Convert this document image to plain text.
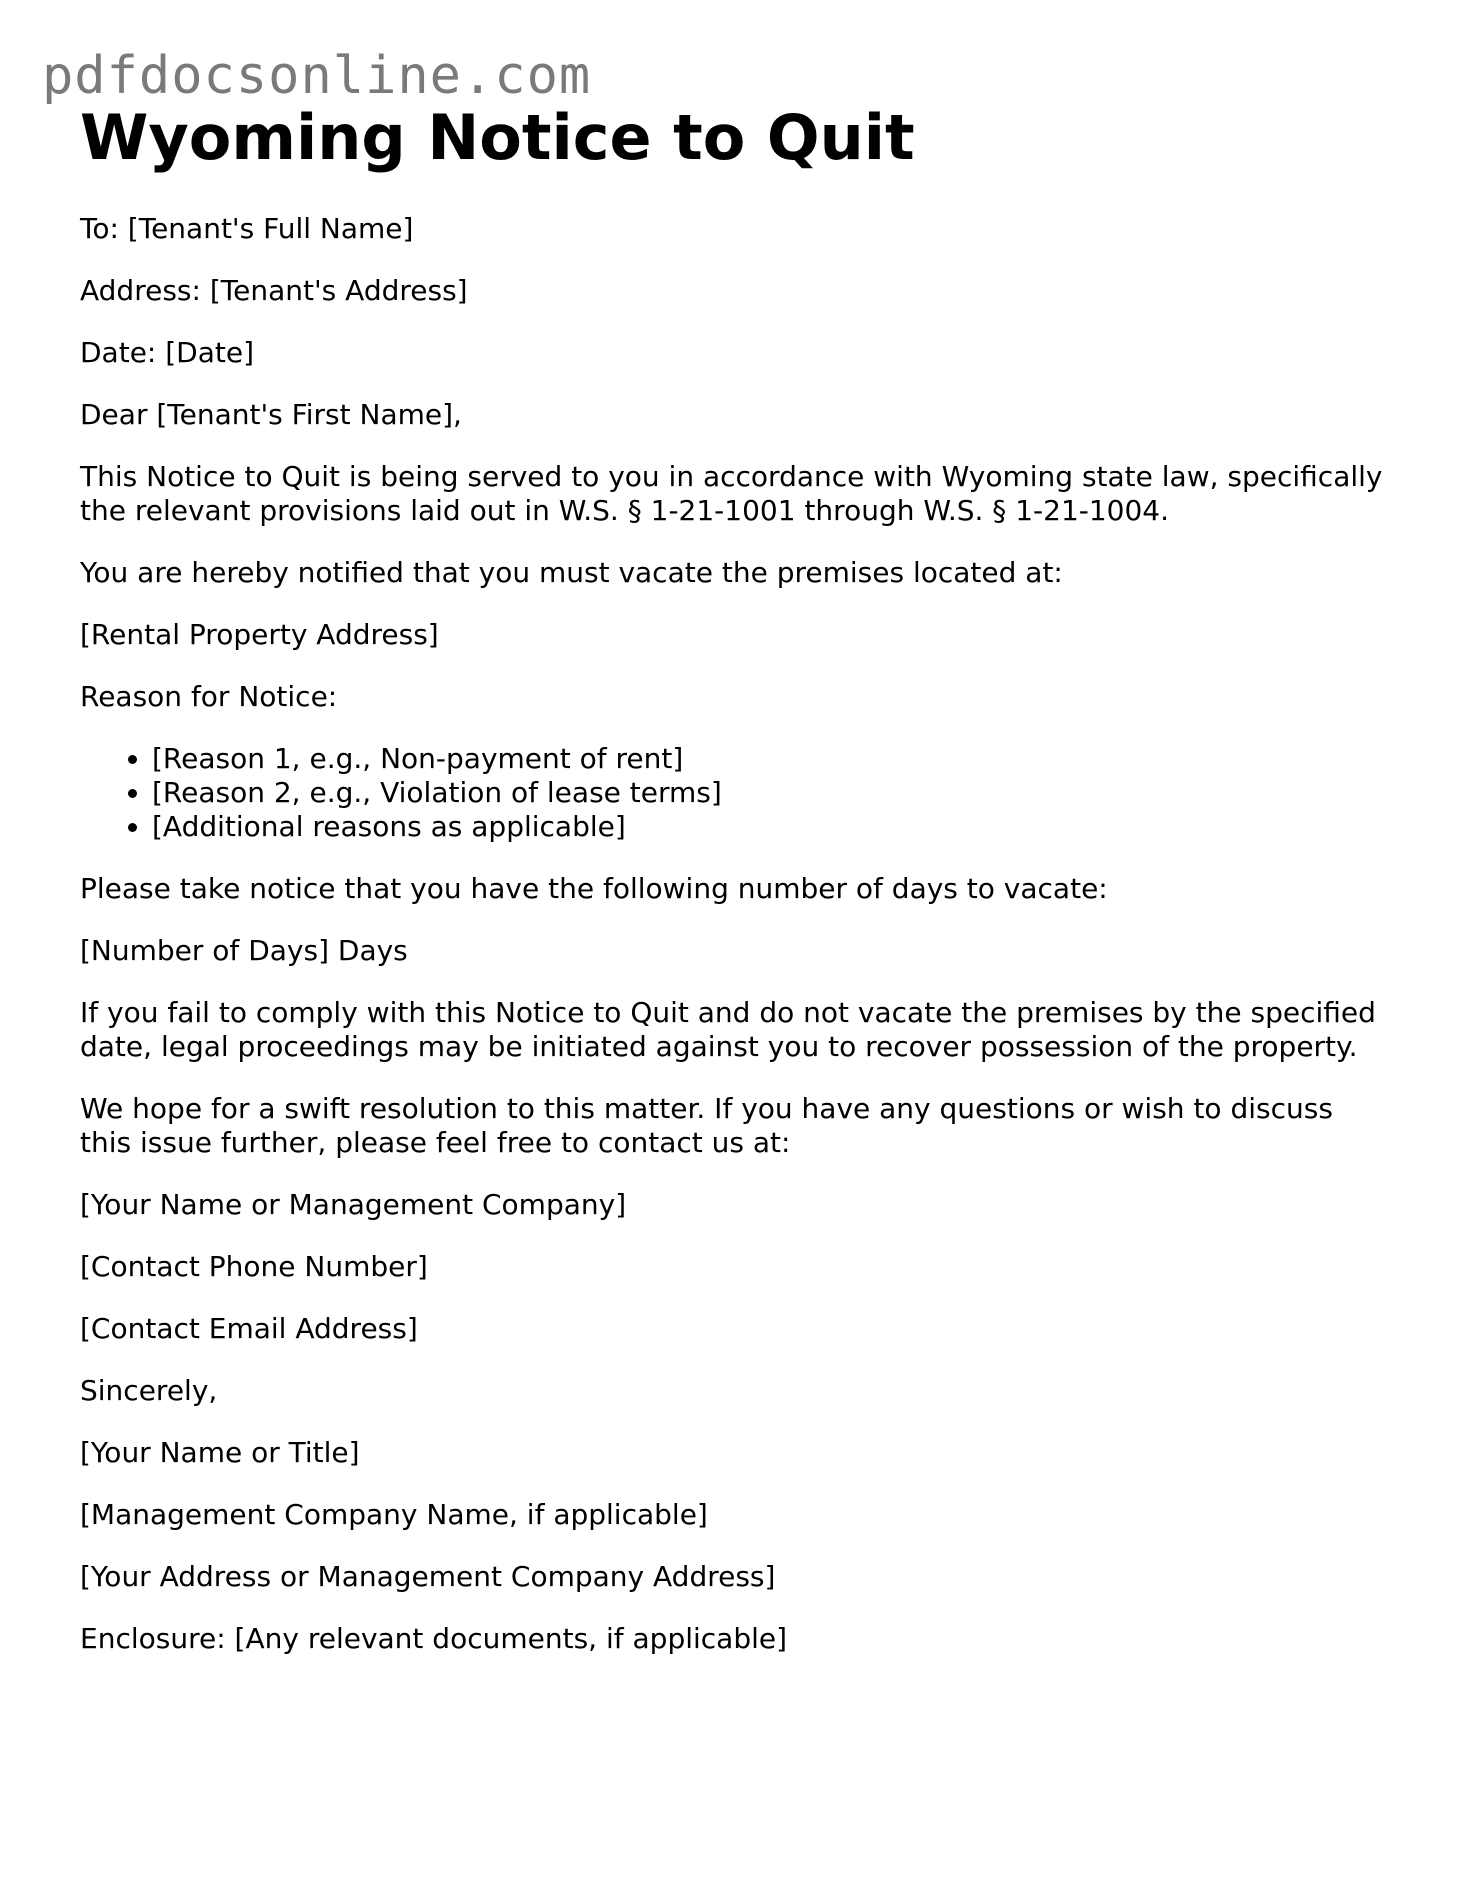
pdfdocsonline.com
Wyoming Notice to Quit

To: [Tenant's Full Name]

Address: [Tenant's Address]

Date: [Date]

Dear [Tenant's First Name],

This Notice to Quit is being served to you in accordance with Wyoming state law, specifically the relevant provisions laid out in W.S. § 1-21-1001 through W.S. § 1-21-1004.

You are hereby notified that you must vacate the premises located at:

[Rental Property Address]

Reason for Notice:

• [Reason 1, e.g., Non-payment of rent]
• [Reason 2, e.g., Violation of lease terms]
• [Additional reasons as applicable]

Please take notice that you have the following number of days to vacate:

[Number of Days] Days

If you fail to comply with this Notice to Quit and do not vacate the premises by the specified date, legal proceedings may be initiated against you to recover possession of the property.

We hope for a swift resolution to this matter. If you have any questions or wish to discuss this issue further, please feel free to contact us at:

[Your Name or Management Company]

[Contact Phone Number]

[Contact Email Address]

Sincerely,

[Your Name or Title]

[Management Company Name, if applicable]

[Your Address or Management Company Address]

Enclosure: [Any relevant documents, if applicable]
